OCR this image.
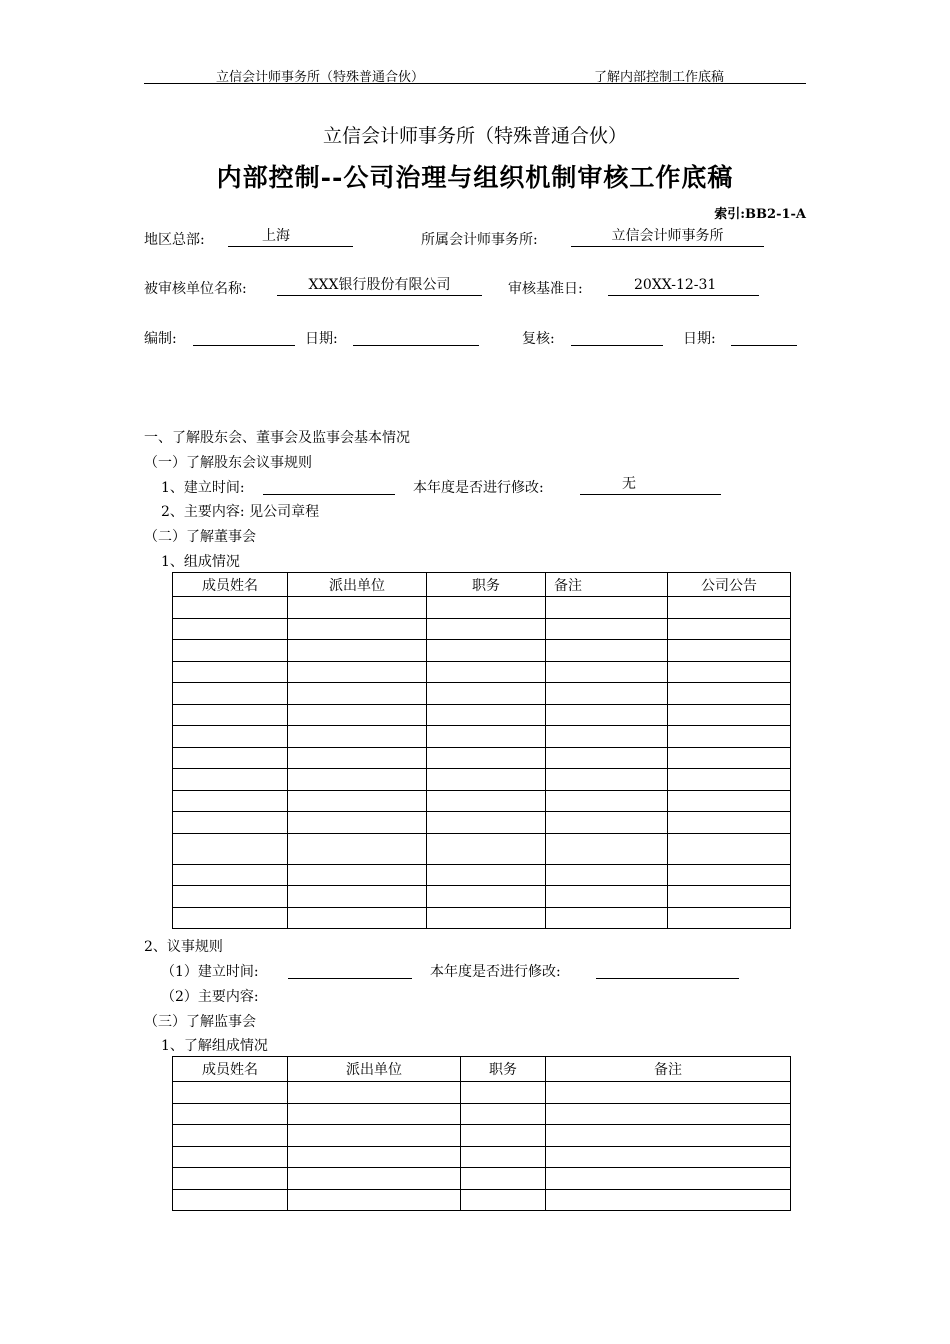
立信会计师事务所（特殊普通合伙）	了解内部控制工作底稿
立信会计师事务所（特殊普通合伙）
内部控制--公司治理与组织机制审核工作底稿
索引:BB2-1-A
地区总部:	上海	所属会计师事务所:	立信会计师事务所
被审核单位名称:	XXX银行股份有限公司	审核基准日:	20XX-12-31
编制:	日期:	复核:	日期:
一、了解股东会、董事会及监事会基本情况
（一）了解股东会议事规则
1、建立时间:	本年度是否进行修改:	无
2、主要内容: 见公司章程
（二）了解董事会
1、组成情况
成员姓名	派出单位	职务	备注	公司公告

2、议事规则
（1）建立时间:	本年度是否进行修改:
（2）主要内容:
（三）了解监事会
1、了解组成情况
成员姓名	派出单位	职务	备注
